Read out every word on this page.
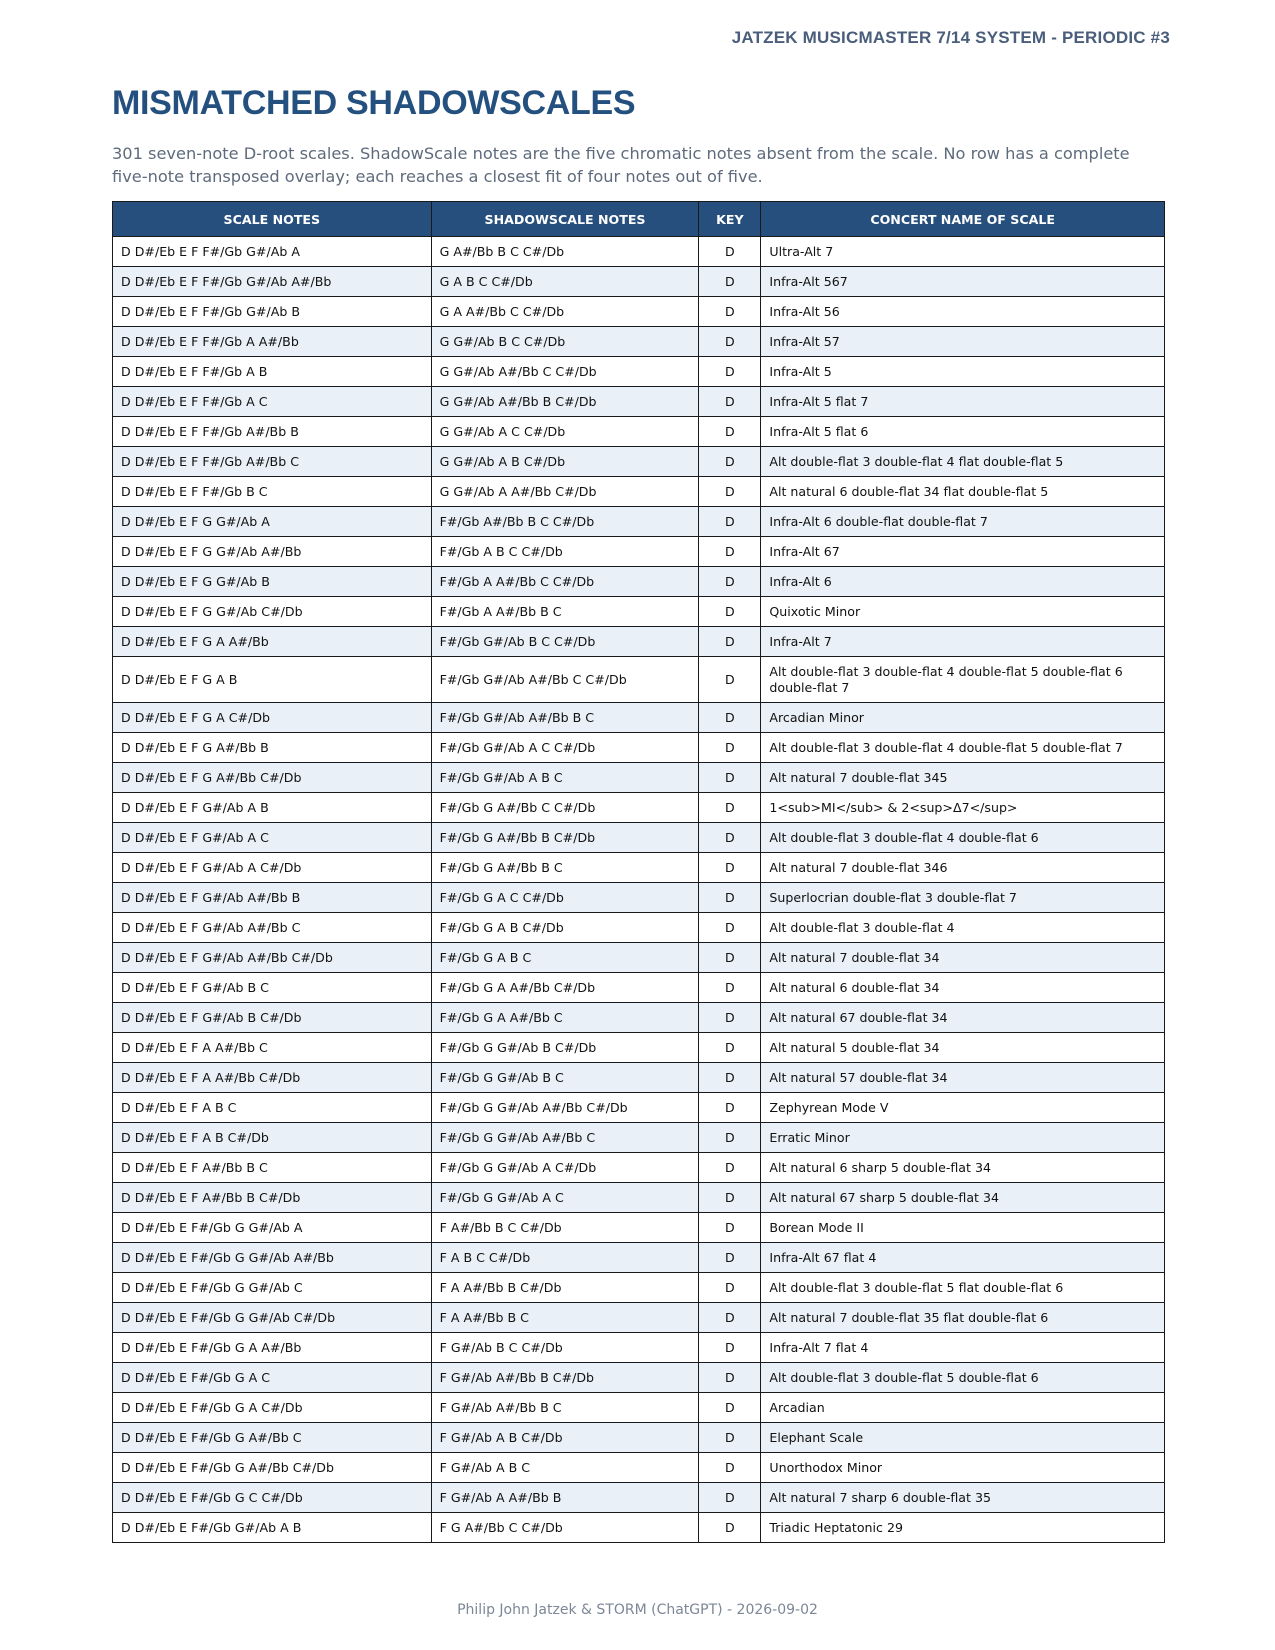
JATZEK MUSICMASTER 7/14 SYSTEM - PERIODIC #3
MISMATCHED SHADOWSCALES

301 seven-note D-root scales. ShadowScale notes are the five chromatic notes absent from the scale. No row has a complete five-note transposed overlay; each reaches a closest fit of four notes out of five.

SCALE NOTES	SHADOWSCALE NOTES	KEY	CONCERT NAME OF SCALE
D D#/Eb E F F#/Gb G#/Ab A	G A#/Bb B C C#/Db	D	Ultra-Alt 7
D D#/Eb E F F#/Gb G#/Ab A#/Bb	G A B C C#/Db	D	Infra-Alt 567
D D#/Eb E F F#/Gb G#/Ab B	G A A#/Bb C C#/Db	D	Infra-Alt 56
D D#/Eb E F F#/Gb A A#/Bb	G G#/Ab B C C#/Db	D	Infra-Alt 57
D D#/Eb E F F#/Gb A B	G G#/Ab A#/Bb C C#/Db	D	Infra-Alt 5
D D#/Eb E F F#/Gb A C	G G#/Ab A#/Bb B C#/Db	D	Infra-Alt 5 flat 7
D D#/Eb E F F#/Gb A#/Bb B	G G#/Ab A C C#/Db	D	Infra-Alt 5 flat 6
D D#/Eb E F F#/Gb A#/Bb C	G G#/Ab A B C#/Db	D	Alt double-flat 3 double-flat 4 flat double-flat 5
D D#/Eb E F F#/Gb B C	G G#/Ab A A#/Bb C#/Db	D	Alt natural 6 double-flat 34 flat double-flat 5
D D#/Eb E F G G#/Ab A	F#/Gb A#/Bb B C C#/Db	D	Infra-Alt 6 double-flat double-flat 7
D D#/Eb E F G G#/Ab A#/Bb	F#/Gb A B C C#/Db	D	Infra-Alt 67
D D#/Eb E F G G#/Ab B	F#/Gb A A#/Bb C C#/Db	D	Infra-Alt 6
D D#/Eb E F G G#/Ab C#/Db	F#/Gb A A#/Bb B C	D	Quixotic Minor
D D#/Eb E F G A A#/Bb	F#/Gb G#/Ab B C C#/Db	D	Infra-Alt 7
D D#/Eb E F G A B	F#/Gb G#/Ab A#/Bb C C#/Db	D	Alt double-flat 3 double-flat 4 double-flat 5 double-flat 6 double-flat 7
D D#/Eb E F G A C#/Db	F#/Gb G#/Ab A#/Bb B C	D	Arcadian Minor
D D#/Eb E F G A#/Bb B	F#/Gb G#/Ab A C C#/Db	D	Alt double-flat 3 double-flat 4 double-flat 5 double-flat 7
D D#/Eb E F G A#/Bb C#/Db	F#/Gb G#/Ab A B C	D	Alt natural 7 double-flat 345
D D#/Eb E F G#/Ab A B	F#/Gb G A#/Bb C C#/Db	D	1<sub>MI</sub> & 2<sup>Δ7</sup>
D D#/Eb E F G#/Ab A C	F#/Gb G A#/Bb B C#/Db	D	Alt double-flat 3 double-flat 4 double-flat 6
D D#/Eb E F G#/Ab A C#/Db	F#/Gb G A#/Bb B C	D	Alt natural 7 double-flat 346
D D#/Eb E F G#/Ab A#/Bb B	F#/Gb G A C C#/Db	D	Superlocrian double-flat 3 double-flat 7
D D#/Eb E F G#/Ab A#/Bb C	F#/Gb G A B C#/Db	D	Alt double-flat 3 double-flat 4
D D#/Eb E F G#/Ab A#/Bb C#/Db	F#/Gb G A B C	D	Alt natural 7 double-flat 34
D D#/Eb E F G#/Ab B C	F#/Gb G A A#/Bb C#/Db	D	Alt natural 6 double-flat 34
D D#/Eb E F G#/Ab B C#/Db	F#/Gb G A A#/Bb C	D	Alt natural 67 double-flat 34
D D#/Eb E F A A#/Bb C	F#/Gb G G#/Ab B C#/Db	D	Alt natural 5 double-flat 34
D D#/Eb E F A A#/Bb C#/Db	F#/Gb G G#/Ab B C	D	Alt natural 57 double-flat 34
D D#/Eb E F A B C	F#/Gb G G#/Ab A#/Bb C#/Db	D	Zephyrean Mode V
D D#/Eb E F A B C#/Db	F#/Gb G G#/Ab A#/Bb C	D	Erratic Minor
D D#/Eb E F A#/Bb B C	F#/Gb G G#/Ab A C#/Db	D	Alt natural 6 sharp 5 double-flat 34
D D#/Eb E F A#/Bb B C#/Db	F#/Gb G G#/Ab A C	D	Alt natural 67 sharp 5 double-flat 34
D D#/Eb E F#/Gb G G#/Ab A	F A#/Bb B C C#/Db	D	Borean Mode II
D D#/Eb E F#/Gb G G#/Ab A#/Bb	F A B C C#/Db	D	Infra-Alt 67 flat 4
D D#/Eb E F#/Gb G G#/Ab C	F A A#/Bb B C#/Db	D	Alt double-flat 3 double-flat 5 flat double-flat 6
D D#/Eb E F#/Gb G G#/Ab C#/Db	F A A#/Bb B C	D	Alt natural 7 double-flat 35 flat double-flat 6
D D#/Eb E F#/Gb G A A#/Bb	F G#/Ab B C C#/Db	D	Infra-Alt 7 flat 4
D D#/Eb E F#/Gb G A C	F G#/Ab A#/Bb B C#/Db	D	Alt double-flat 3 double-flat 5 double-flat 6
D D#/Eb E F#/Gb G A C#/Db	F G#/Ab A#/Bb B C	D	Arcadian
D D#/Eb E F#/Gb G A#/Bb C	F G#/Ab A B C#/Db	D	Elephant Scale
D D#/Eb E F#/Gb G A#/Bb C#/Db	F G#/Ab A B C	D	Unorthodox Minor
D D#/Eb E F#/Gb G C C#/Db	F G#/Ab A A#/Bb B	D	Alt natural 7 sharp 6 double-flat 35
D D#/Eb E F#/Gb G#/Ab A B	F G A#/Bb C C#/Db	D	Triadic Heptatonic 29
Philip John Jatzek & STORM (ChatGPT) - 2026-09-02
